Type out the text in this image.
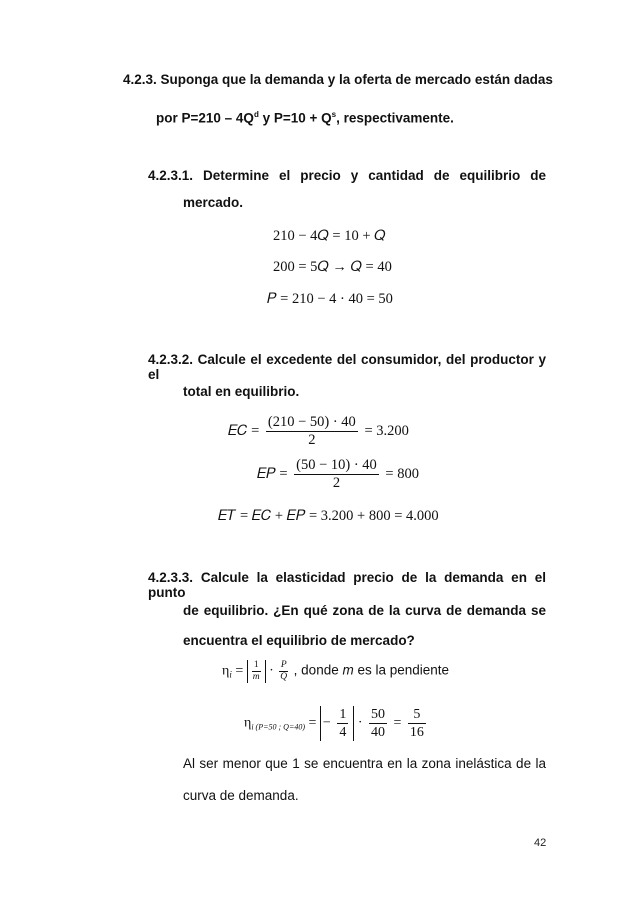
4.2.3. Suponga que la demanda y la oferta de mercado están dadas
por $P=210 - 4Q^d$ y $P=10 + Q^s$, respectivamente.
4.2.3.1. Determine el precio y cantidad de equilibrio de
mercado.
210 − 4𝑄 = 10 + 𝑄
200 = 5𝑄 → 𝑄 = 40
𝑃 = 210 − 4 · 40 = 50
4.2.3.2. Calcule el excedente del consumidor, del productor y el
total en equilibrio.
𝐸𝐶 = $\frac{(210 - 50) \cdot 40}{2} = 3.200$
𝐸𝑃 = $\frac{(50 - 10) \cdot 40}{2} = 800$
𝐸𝑇 = 𝐸𝐶 + 𝐸𝑃 = 3.200 + 800 = 4.000
4.2.3.3. Calcule la elasticidad precio de la demanda en el punto
de equilibrio. ¿En qué zona de la curva de demanda se
encuentra el equilibrio de mercado?
$\eta_i = \frac{1}{m} \cdot \frac{P}{Q}$ , donde m es la pendiente
$\eta_{i (P=50 ; Q=40)}$ = − $\frac{1}{4} \cdot \frac{50}{40} = \frac{5}{16}$
Al ser menor que 1 se encuentra en la zona inelástica de la
curva de demanda.
42
